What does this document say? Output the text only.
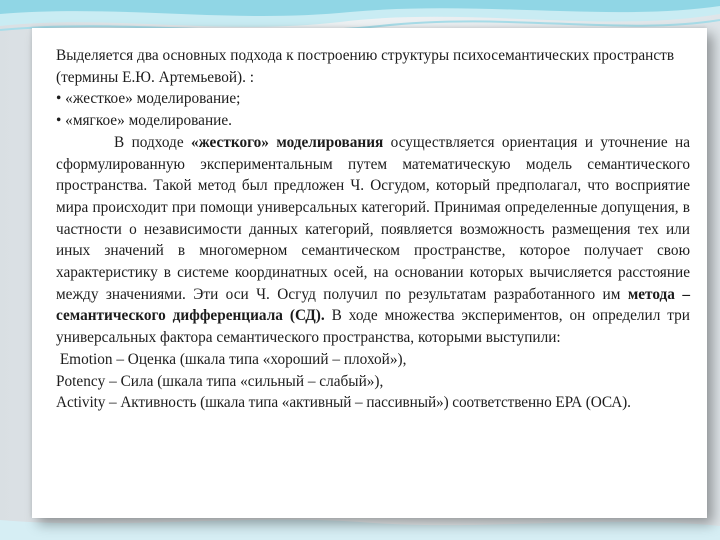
Выделяется два основных подхода к построению структуры психосемантических пространств (термины Е.Ю. Артемьевой). :

• «жесткое» моделирование;

• «мягкое» моделирование.

В подходе «жесткого» моделирования осуществляется ориентация и уточнение на сформулированную экспериментальным путем математическую модель семантического пространства. Такой метод был предложен Ч. Осгудом, который предполагал, что восприятие мира происходит при помощи универсальных категорий. Принимая определенные допущения, в частности о независимости данных категорий, появляется возможность размещения тех или иных значений в многомерном семантическом пространстве, которое получает свою характеристику в системе координатных осей, на основании которых вычисляется расстояние между значениями. Эти оси Ч. Осгуд получил по результатам разработанного им метода – семантического дифференциала (СД). В ходе множества экспериментов, он определил три универсальных фактора семантического пространства, которыми выступили:

Emotion – Оценка (шкала типа «хороший – плохой»),

Potency – Сила (шкала типа «сильный – слабый»),

Activity – Активность (шкала типа «активный – пассивный») соответственно ЕРА (ОСА).
